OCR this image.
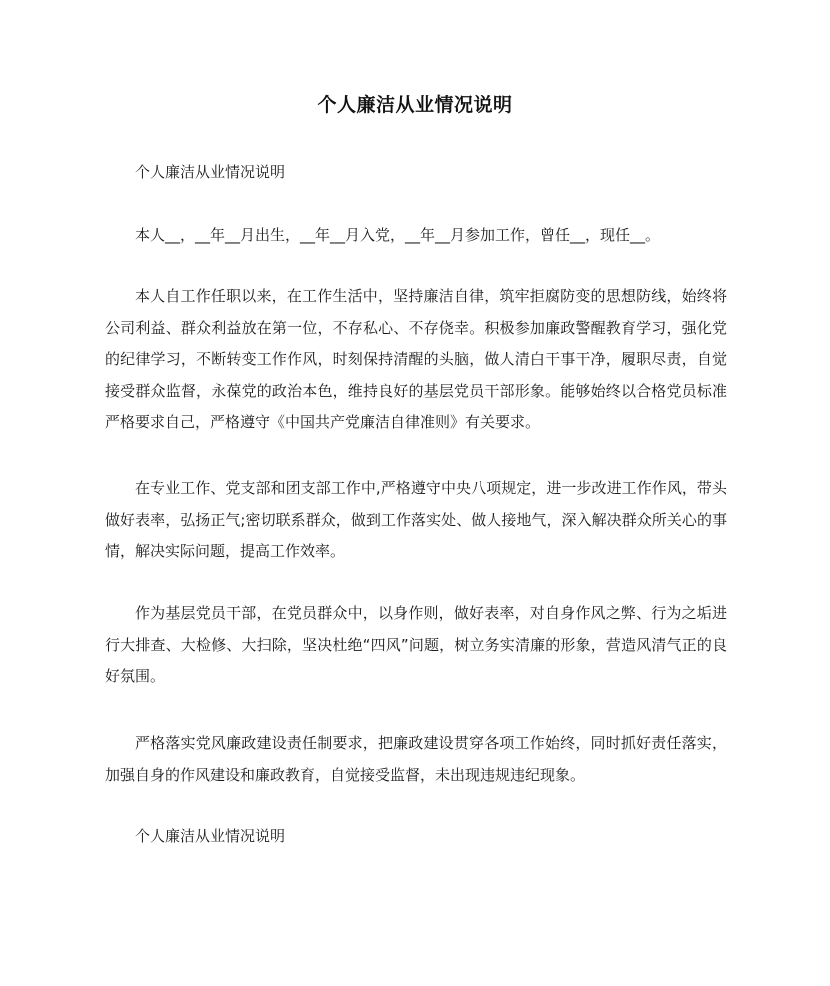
个人廉洁从业情况说明

个人廉洁从业情况说明

本人__，__年__月出生，__年__月入党，__年__月参加工作，曾任__，现任__。

本人自工作任职以来，在工作生活中，坚持廉洁自律，筑牢拒腐防变的思想防线，始终将公司利益、群众利益放在第一位，不存私心、不存侥幸。积极参加廉政警醒教育学习，强化党的纪律学习，不断转变工作作风，时刻保持清醒的头脑，做人清白干事干净，履职尽责，自觉接受群众监督，永葆党的政治本色，维持良好的基层党员干部形象。能够始终以合格党员标准严格要求自己，严格遵守《中国共产党廉洁自律准则》有关要求。

在专业工作、党支部和团支部工作中,严格遵守中央八项规定，进一步改进工作作风，带头做好表率，弘扬正气;密切联系群众，做到工作落实处、做人接地气，深入解决群众所关心的事情，解决实际问题，提高工作效率。

作为基层党员干部，在党员群众中，以身作则，做好表率，对自身作风之弊、行为之垢进行大排查、大检修、大扫除，坚决杜绝“四风”问题，树立务实清廉的形象，营造风清气正的良好氛围。

严格落实党风廉政建设责任制要求，把廉政建设贯穿各项工作始终，同时抓好责任落实，加强自身的作风建设和廉政教育，自觉接受监督，未出现违规违纪现象。

个人廉洁从业情况说明
